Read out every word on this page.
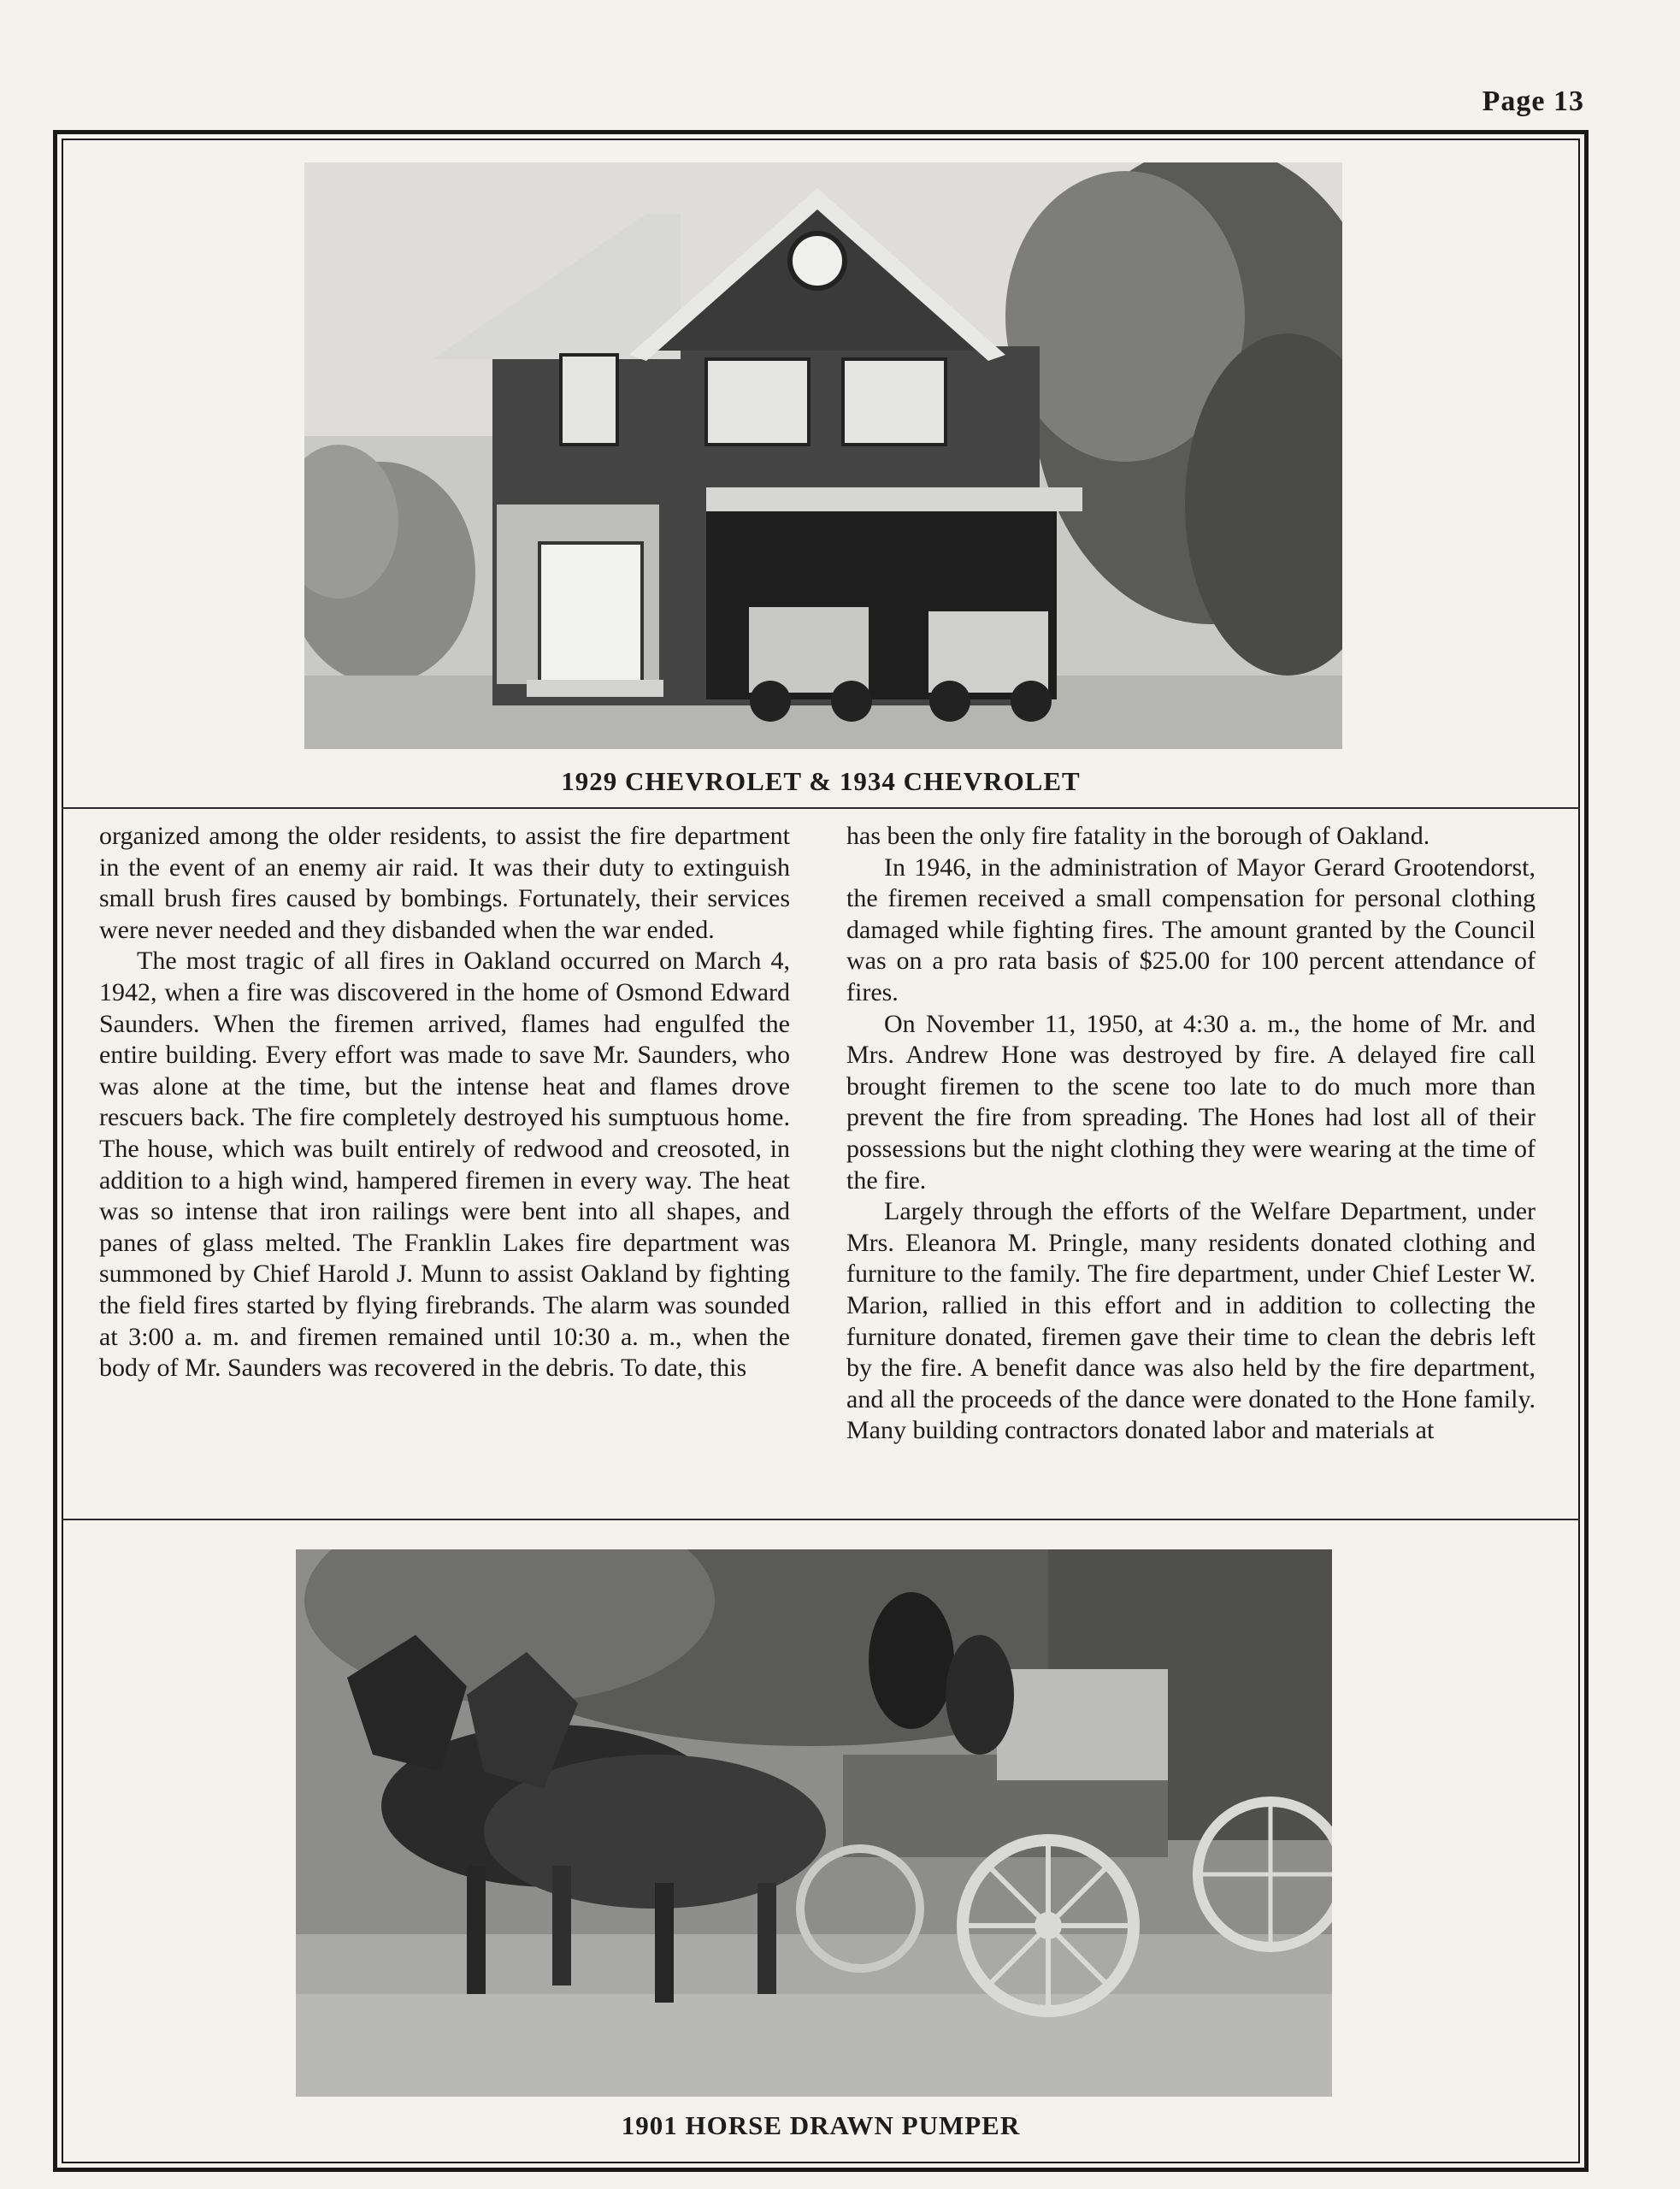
Page 13
1929 CHEVROLET & 1934 CHEVROLET

organized among the older residents, to assist the fire department in the event of an enemy air raid. It was their duty to extinguish small brush fires caused by bombings. Fortunately, their services were never needed and they disbanded when the war ended.

The most tragic of all fires in Oakland occurred on March 4, 1942, when a fire was discovered in the home of Osmond Edward Saunders. When the firemen arrived, flames had engulfed the entire building. Every effort was made to save Mr. Saunders, who was alone at the time, but the intense heat and flames drove rescuers back. The fire completely destroyed his sumptuous home. The house, which was built entirely of redwood and creosoted, in addition to a high wind, hampered firemen in every way. The heat was so intense that iron railings were bent into all shapes, and panes of glass melted. The Franklin Lakes fire department was summoned by Chief Harold J. Munn to assist Oakland by fighting the field fires started by flying firebrands. The alarm was sounded at 3:00 a. m. and firemen remained until 10:30 a. m., when the body of Mr. Saunders was recovered in the debris. To date, this

has been the only fire fatality in the borough of Oakland.

In 1946, in the administration of Mayor Gerard Grootendorst, the firemen received a small compensation for personal clothing damaged while fighting fires. The amount granted by the Council was on a pro rata basis of $25.00 for 100 percent attendance of fires.

On November 11, 1950, at 4:30 a. m., the home of Mr. and Mrs. Andrew Hone was destroyed by fire. A delayed fire call brought firemen to the scene too late to do much more than prevent the fire from spreading. The Hones had lost all of their possessions but the night clothing they were wearing at the time of the fire.

Largely through the efforts of the Welfare Department, under Mrs. Eleanora M. Pringle, many residents donated clothing and furniture to the family. The fire department, under Chief Lester W. Marion, rallied in this effort and in addition to collecting the furniture donated, firemen gave their time to clean the debris left by the fire. A benefit dance was also held by the fire department, and all the proceeds of the dance were donated to the Hone family. Many building contractors donated labor and materials at

1901 HORSE DRAWN PUMPER
